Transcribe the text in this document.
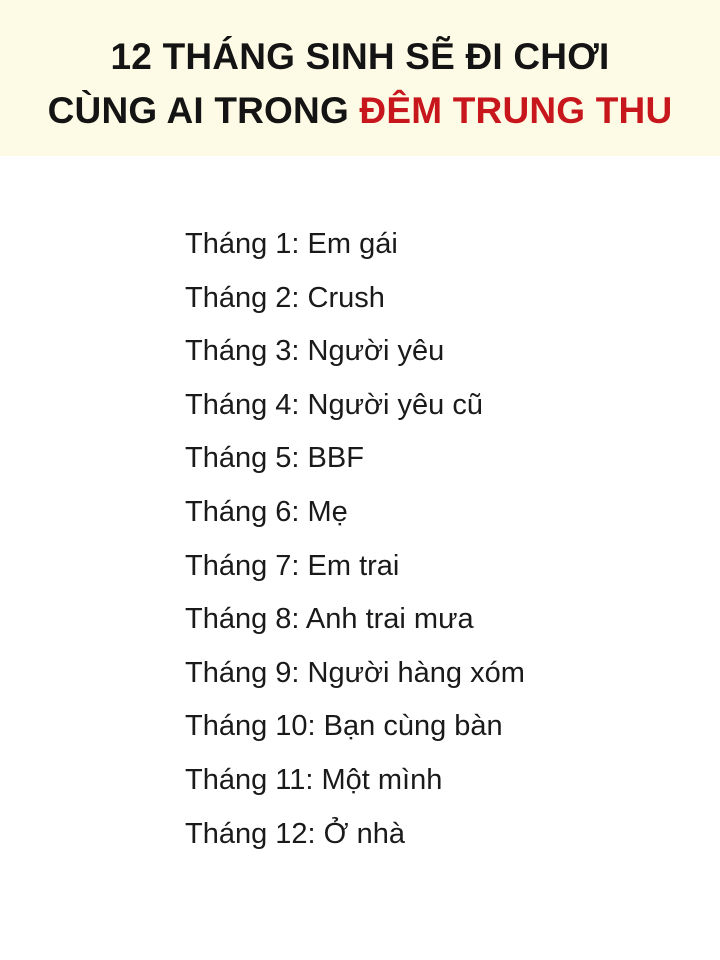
12 THÁNG SINH SẼ ĐI CHƠI
CÙNG AI TRONG ĐÊM TRUNG THU
Tháng 1: Em gái
Tháng 2: Crush
Tháng 3: Người yêu
Tháng 4: Người yêu cũ
Tháng 5: BBF
Tháng 6: Mẹ
Tháng 7: Em trai
Tháng 8: Anh trai mưa
Tháng 9: Người hàng xóm
Tháng 10: Bạn cùng bàn
Tháng 11: Một mình
Tháng 12: Ở nhà
